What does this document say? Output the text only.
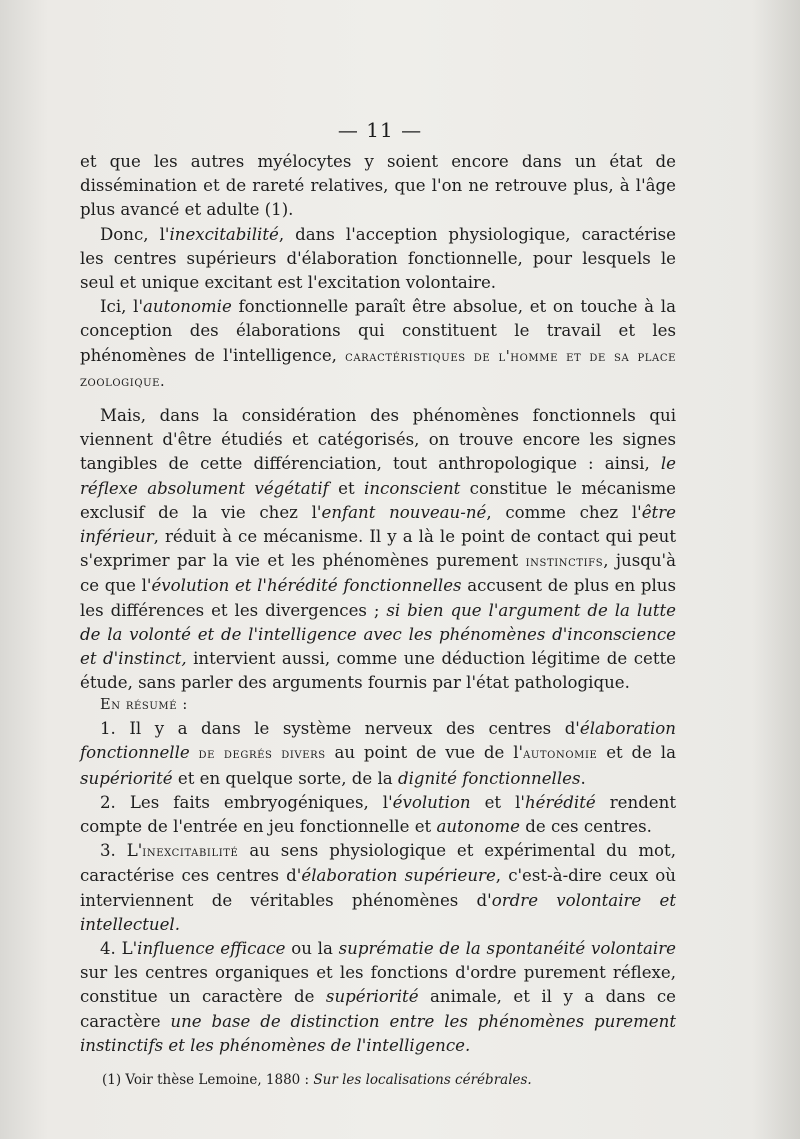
— 11 —

et que les autres myélocytes y soient encore dans un état de dissémination et de rareté relatives, que l'on ne retrouve plus, à l'âge plus avancé et adulte (1).

Donc, l'inexcitabilité, dans l'acception physiologique, caractérise les centres supérieurs d'élaboration fonctionnelle, pour lesquels le seul et unique excitant est l'excitation volontaire.

Ici, l'autonomie fonctionnelle paraît être absolue, et on touche à la conception des élaborations qui constituent le travail et les phénomènes de l'intelligence, caractéristiques de l'homme et de sa place zoologique.

Mais, dans la considération des phénomènes fonctionnels qui viennent d'être étudiés et catégorisés, on trouve encore les signes tangibles de cette différenciation, tout anthropologique : ainsi, le réflexe absolument végétatif et inconscient constitue le mécanisme exclusif de la vie chez l'enfant nouveau-né, comme chez l'être inférieur, réduit à ce mécanisme. Il y a là le point de contact qui peut s'exprimer par la vie et les phénomènes purement instinctifs, jusqu'à ce que l'évolution et l'hérédité fonctionnelles accusent de plus en plus les différences et les divergences ; si bien que l'argument de la lutte de la volonté et de l'intelligence avec les phénomènes d'inconscience et d'instinct, intervient aussi, comme une déduction légitime de cette étude, sans parler des arguments fournis par l'état pathologique.

En résumé :

1. Il y a dans le système nerveux des centres d'élaboration fonctionnelle de degrés divers au point de vue de l'autonomie et de la supériorité et en quelque sorte, de la dignité fonctionnelles.

2. Les faits embryogéniques, l'évolution et l'hérédité rendent compte de l'entrée en jeu fonctionnelle et autonome de ces centres.

3. L'inexcitabilité au sens physiologique et expérimental du mot, caractérise ces centres d'élaboration supérieure, c'est-à-dire ceux où interviennent de véritables phénomènes d'ordre volontaire et intellectuel.

4. L'influence efficace ou la suprématie de la spontanéité volontaire sur les centres organiques et les fonctions d'ordre purement réflexe, constitue un caractère de supériorité animale, et il y a dans ce caractère une base de distinction entre les phénomènes purement instinctifs et les phénomènes de l'intelligence.

(1) Voir thèse Lemoine, 1880 : Sur les localisations cérébrales.
